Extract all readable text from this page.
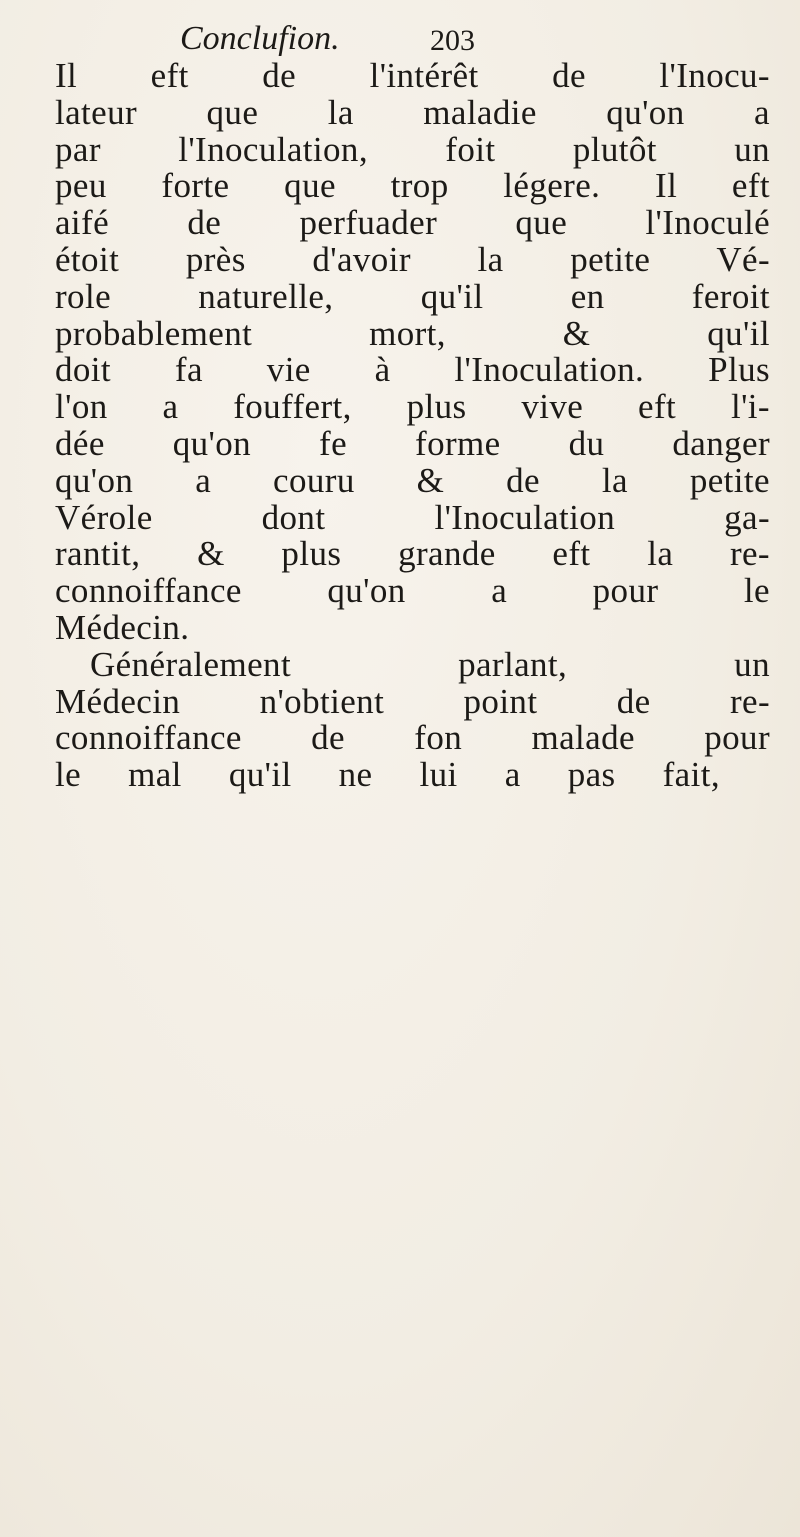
Conclufion.	203
Il eft de l'intérêt de l'Inocu-
lateur que la maladie qu'on a
par l'Inoculation, foit plutôt un
peu forte que trop légere. Il eft
aifé de perfuader que l'Inoculé
étoit près d'avoir la petite Vé-
role naturelle, qu'il en feroit
probablement mort, & qu'il
doit fa vie à l'Inoculation. Plus
l'on a fouffert, plus vive eft l'i-
dée qu'on fe forme du danger
qu'on a couru & de la petite
Vérole dont l'Inoculation ga-
rantit, & plus grande eft la re-
connoiffance qu'on a pour le
Médecin.
Généralement parlant, un
Médecin n'obtient point de re-
connoiffance de fon malade pour
le mal qu'il ne lui a pas fait,
